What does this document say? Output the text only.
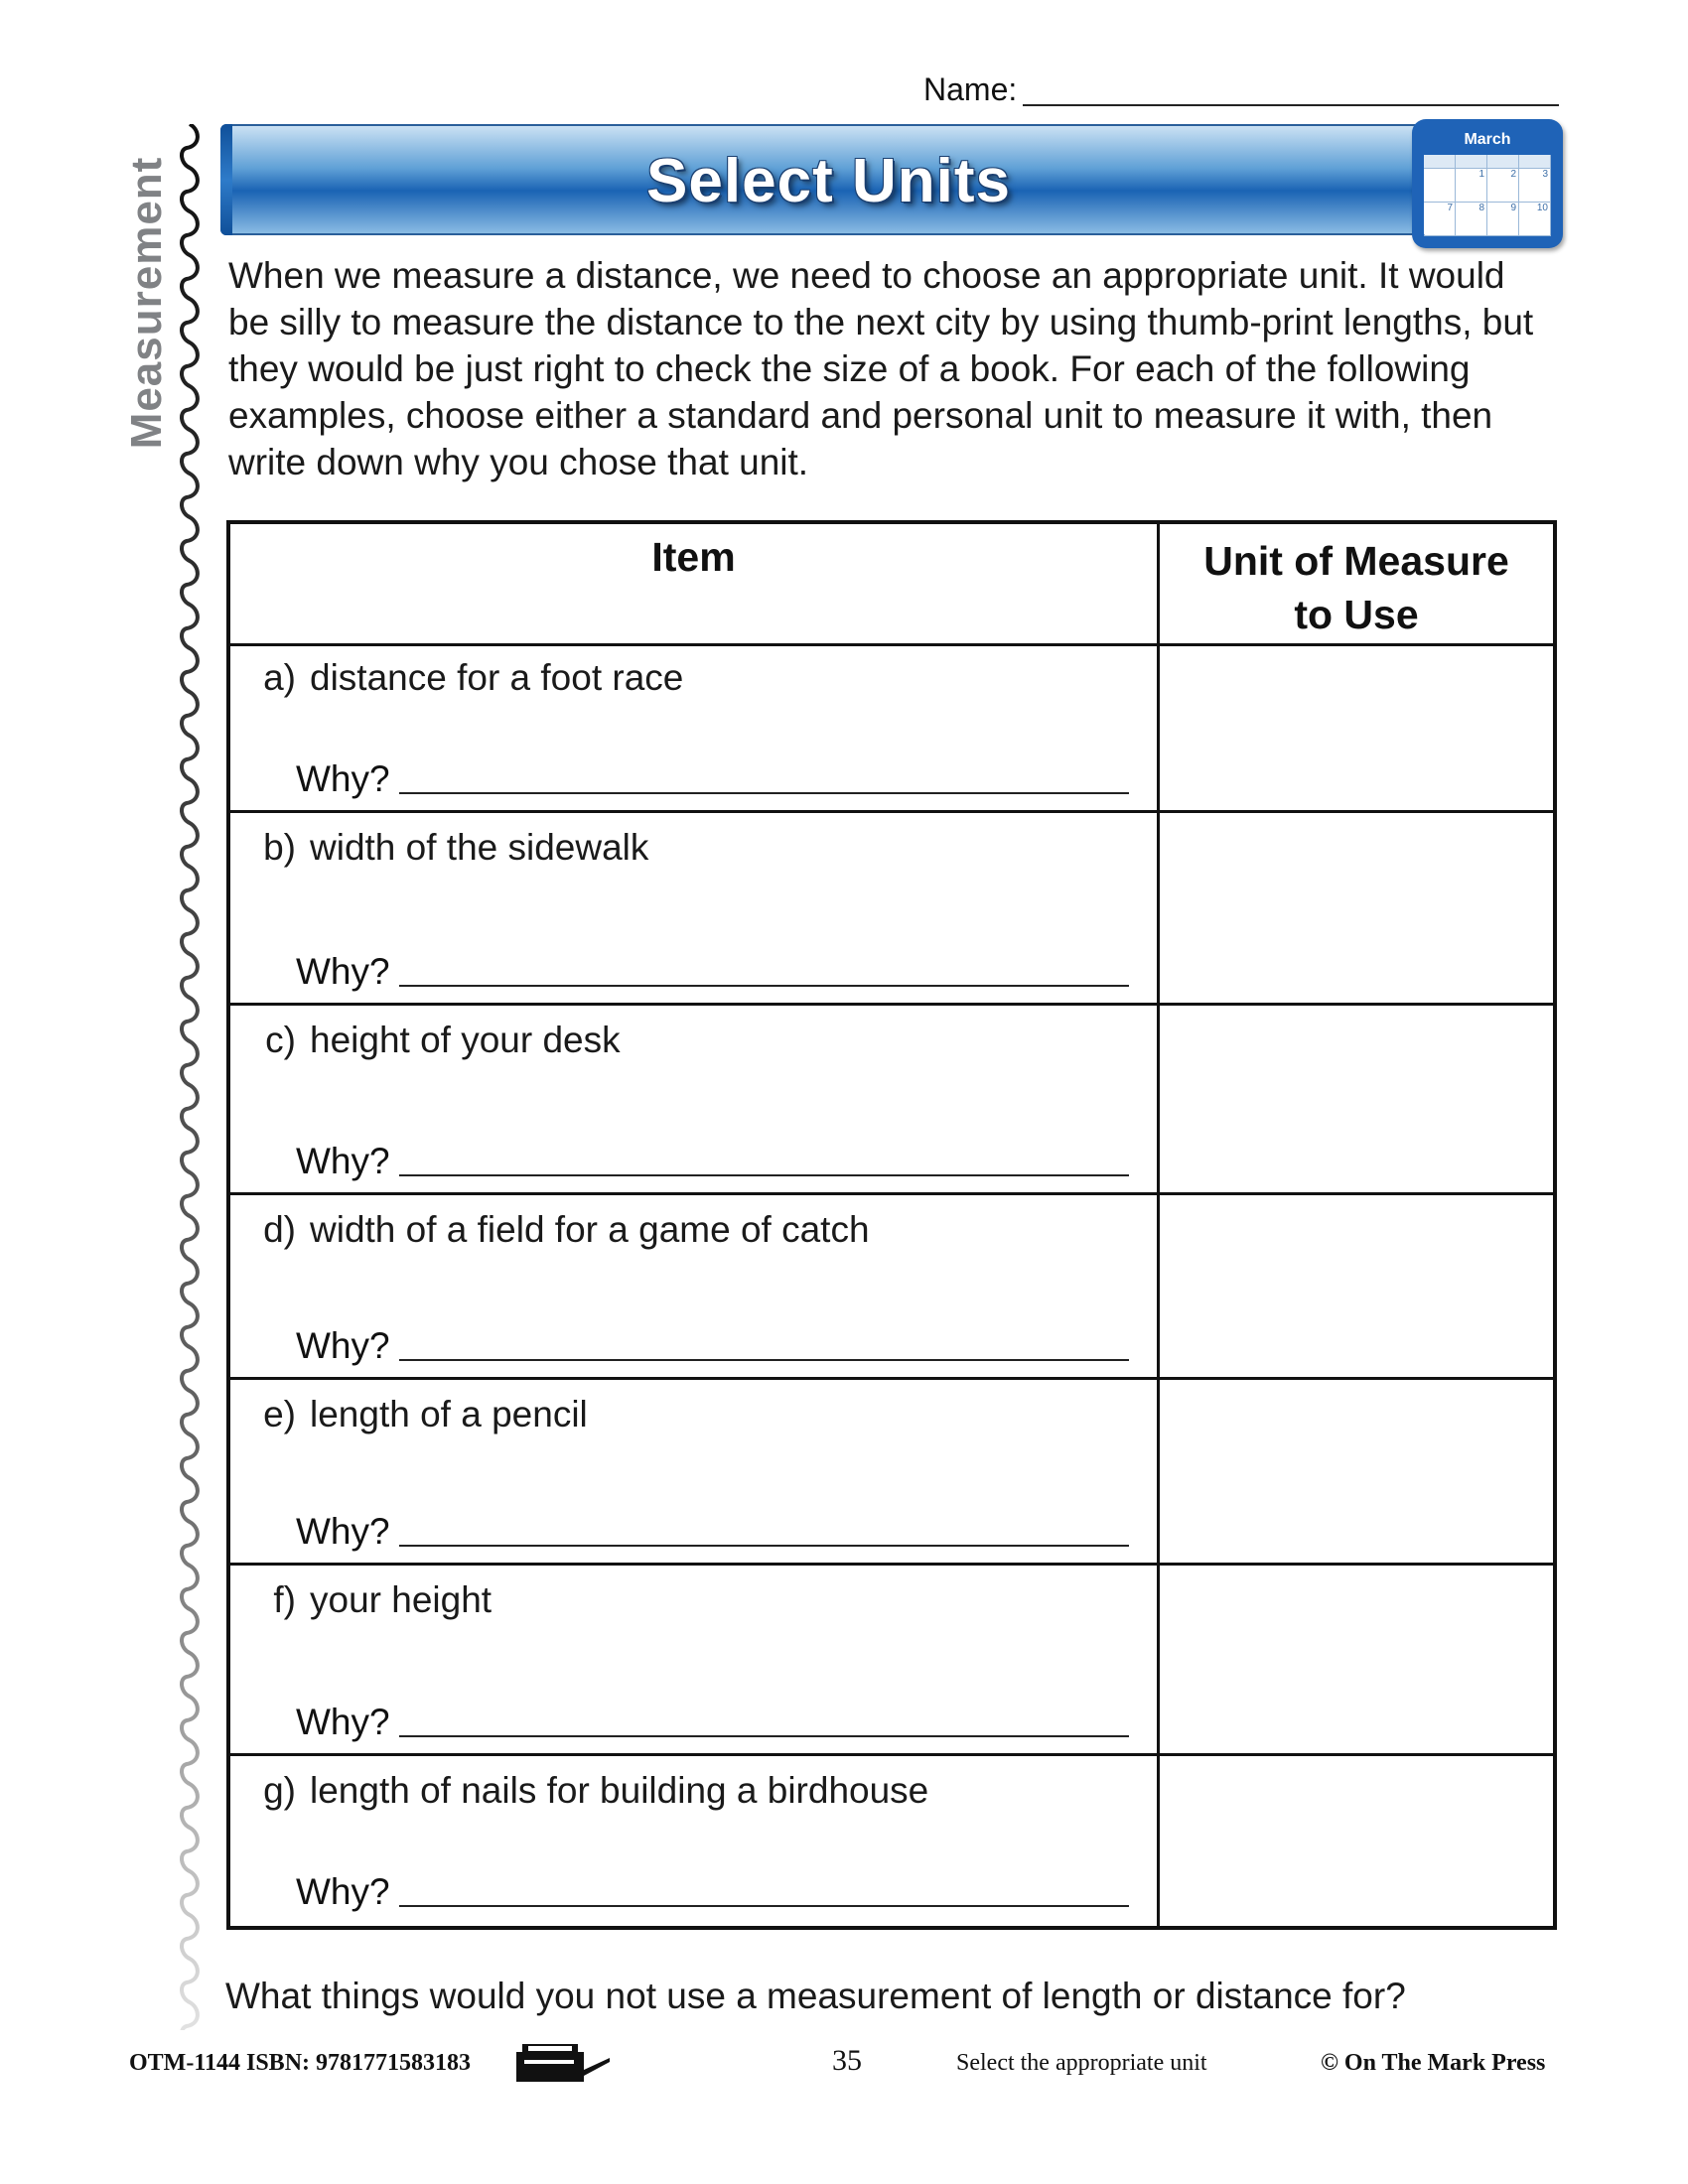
Measurement
Name:
Select Units
March
1	2	3
7	8	9	10

When we measure a distance, we need to choose an appropriate unit. It would be silly to measure the distance to the next city by using thumb-print lengths, but they would be just right to check the size of a book. For each of the following examples, choose either a standard and personal unit to measure it with, then write down why you chose that unit.

Item	Unit of Measure
to Use
a) distance for a foot race
Why?
b) width of the sidewalk
Why?
c) height of your desk
Why?
d) width of a field for a game of catch
Why?
e) length of a pencil
Why?
f) your height
Why?
g) length of nails for building a birdhouse
Why?
What things would you not use a measurement of length or distance for?
OTM-1144 ISBN: 9781771583183	35	Select the appropriate unit	© On The Mark Press
